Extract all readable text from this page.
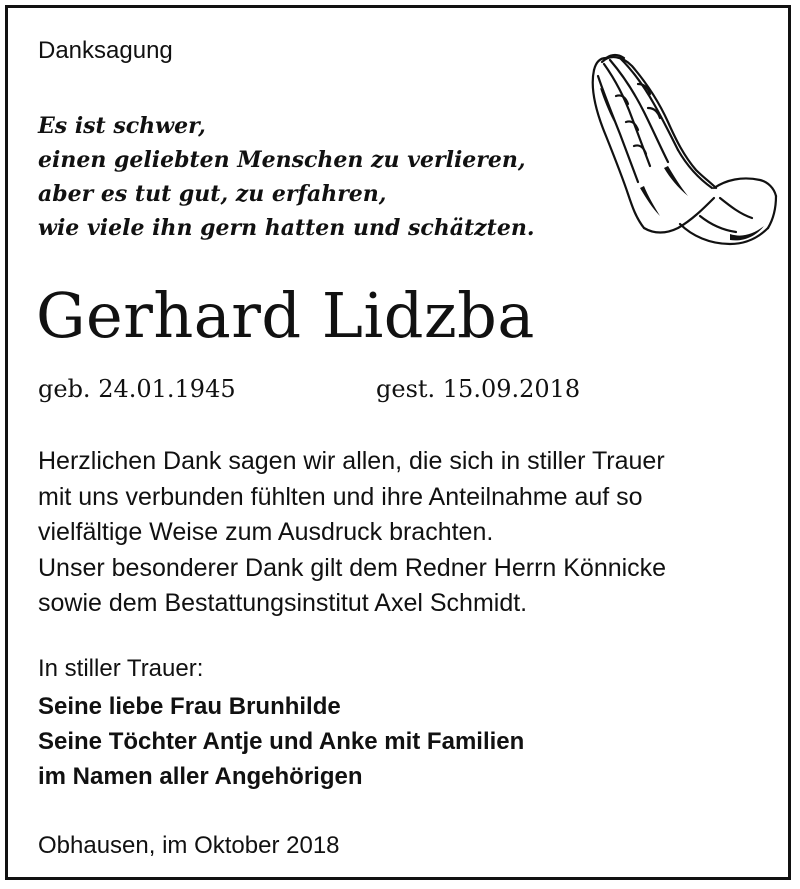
Danksagung
Es ist schwer,
einen geliebten Menschen zu verlieren,
aber es tut gut, zu erfahren,
wie viele ihn gern hatten und schätzten.
Gerhard Lidzba
geb. 24.01.1945	gest. 15.09.2018
Herzlichen Dank sagen wir allen, die sich in stiller Trauer
mit uns verbunden fühlten und ihre Anteilnahme auf so
vielfältige Weise zum Ausdruck brachten.
Unser besonderer Dank gilt dem Redner Herrn Könnicke
sowie dem Bestattungsinstitut Axel Schmidt.
In stiller Trauer:
Seine liebe Frau Brunhilde
Seine Töchter Antje und Anke mit Familien
im Namen aller Angehörigen
Obhausen, im Oktober 2018
